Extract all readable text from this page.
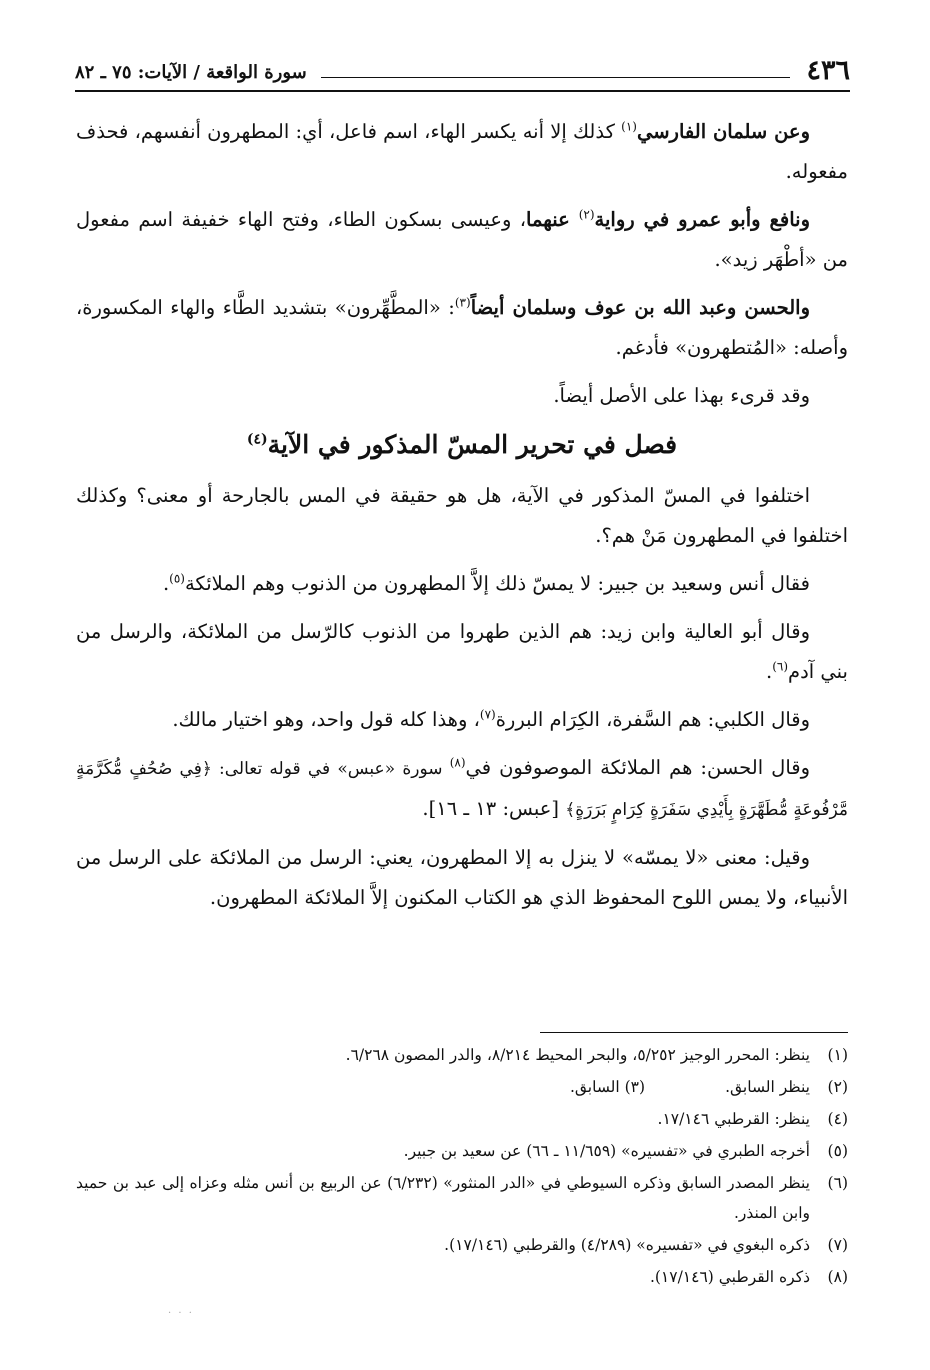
٤٣٦
سورة الواقعة / الآيات: ٧٥ ـ ٨٢

وعن سلمان الفارسي$^{(١)}$ كذلك إلا أنه يكسر الهاء، اسم فاعل، أي: المطهرون أنفسهم، فحذف مفعوله.

ونافع وأبو عمرو في رواية$^{(٢)}$ عنهما، وعيسى بسكون الطاء، وفتح الهاء خفيفة اسم مفعول من «أطْهَر زيد».

والحسن وعبد الله بن عوف وسلمان أيضاً$^{(٣)}$: «المطَّهِّرون» بتشديد الطَّاء والهاء المكسورة، وأصله: «المُتطهرون» فأدغم.

وقد قرىء بهذا على الأصل أيضاً.

فصل في تحرير المسّ المذكور في الآية$^{(٤)}$

اختلفوا في المسّ المذكور في الآية، هل هو حقيقة في المس بالجارحة أو معنى؟ وكذلك اختلفوا في المطهرون مَنْ هم؟.

فقال أنس وسعيد بن جبير: لا يمسّ ذلك إلاَّ المطهرون من الذنوب وهم الملائكة$^{(٥)}$.

وقال أبو العالية وابن زيد: هم الذين طهروا من الذنوب كالرّسل من الملائكة، والرسل من بني آدم$^{(٦)}$.

وقال الكلبي: هم السَّفرة، الكِرَام البررة$^{(٧)}$، وهذا كله قول واحد، وهو اختيار مالك.

وقال الحسن: هم الملائكة الموصوفون في$^{(٨)}$ سورة «عبس» في قوله تعالى: ﴿فِي صُحُفٍ مُّكَرَّمَةٍ مَّرْفُوعَةٍ مُّطَهَّرَةٍ بِأَيْدِي سَفَرَةٍ كِرَامٍ بَرَرَةٍ﴾ [عبس: ١٣ ـ ١٦].

وقيل: معنى «لا يمسّه» لا ينزل به إلا المطهرون، يعني: الرسل من الملائكة على الرسل من الأنبياء، ولا يمس اللوح المحفوظ الذي هو الكتاب المكنون إلاَّ الملائكة المطهرون.

(١)
ينظر: المحرر الوجيز ٥/٢٥٢، والبحر المحيط ٨/٢١٤، والدر المصون ٦/٢٦٨.
(٢)
ينظر السابق.(٣) السابق.
(٤)
ينظر: القرطبي ١٧/١٤٦.
(٥)
أخرجه الطبري في «تفسيره» (١١/٦٥٩ ـ ٦٦) عن سعيد بن جبير.
(٦)
ينظر المصدر السابق وذكره السيوطي في «الدر المنثور» (٦/٢٣٢) عن الربيع بن أنس مثله وعزاه إلى عبد بن حميد وابن المنذر.
(٧)
ذكره البغوي في «تفسيره» (٤/٢٨٩) والقرطبي (١٧/١٤٦).
(٨)
ذكره القرطبي (١٧/١٤٦).
· · ·
